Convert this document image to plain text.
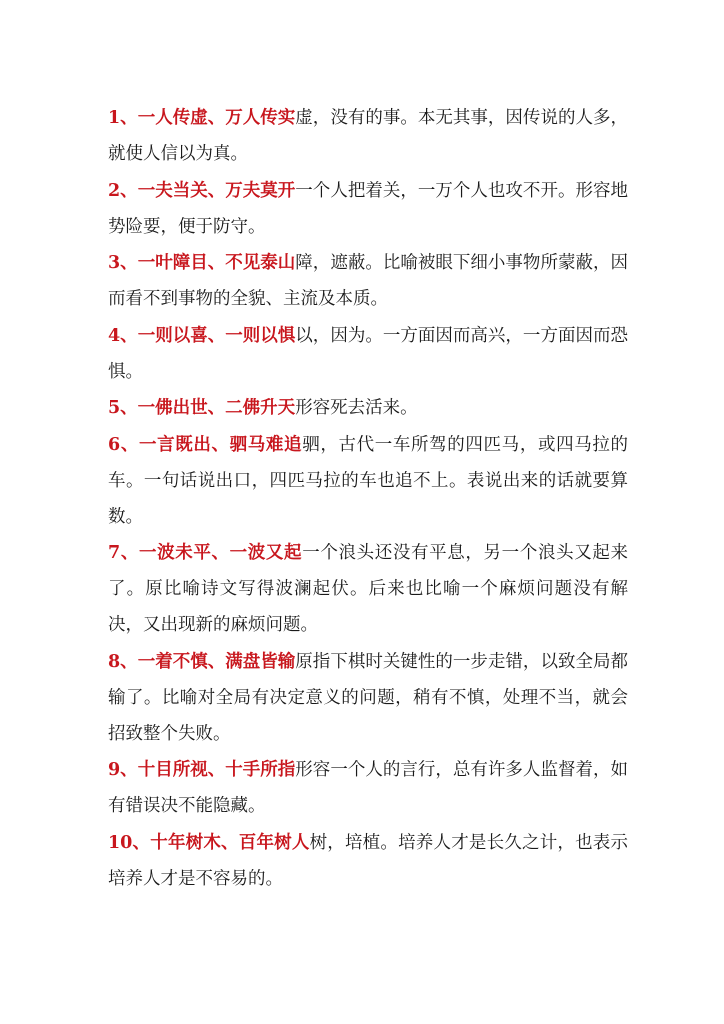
1、一人传虚、万人传实虚，没有的事。本无其事，因传说的人多，就使人信以为真。

2、一夫当关、万夫莫开一个人把着关，一万个人也攻不开。形容地势险要，便于防守。

3、一叶障目、不见泰山障，遮蔽。比喻被眼下细小事物所蒙蔽，因而看不到事物的全貌、主流及本质。

4、一则以喜、一则以惧以，因为。一方面因而高兴，一方面因而恐惧。

5、一佛出世、二佛升天形容死去活来。

6、一言既出、驷马难追驷，古代一车所驾的四匹马，或四马拉的车。一句话说出口，四匹马拉的车也追不上。表说出来的话就要算数。

7、一波未平、一波又起一个浪头还没有平息，另一个浪头又起来了。原比喻诗文写得波澜起伏。后来也比喻一个麻烦问题没有解决，又出现新的麻烦问题。

8、一着不慎、满盘皆输原指下棋时关键性的一步走错，以致全局都输了。比喻对全局有决定意义的问题，稍有不慎，处理不当，就会招致整个失败。

9、十目所视、十手所指形容一个人的言行，总有许多人监督着，如有错误决不能隐藏。

10、十年树木、百年树人树，培植。培养人才是长久之计，也表示培养人才是不容易的。
